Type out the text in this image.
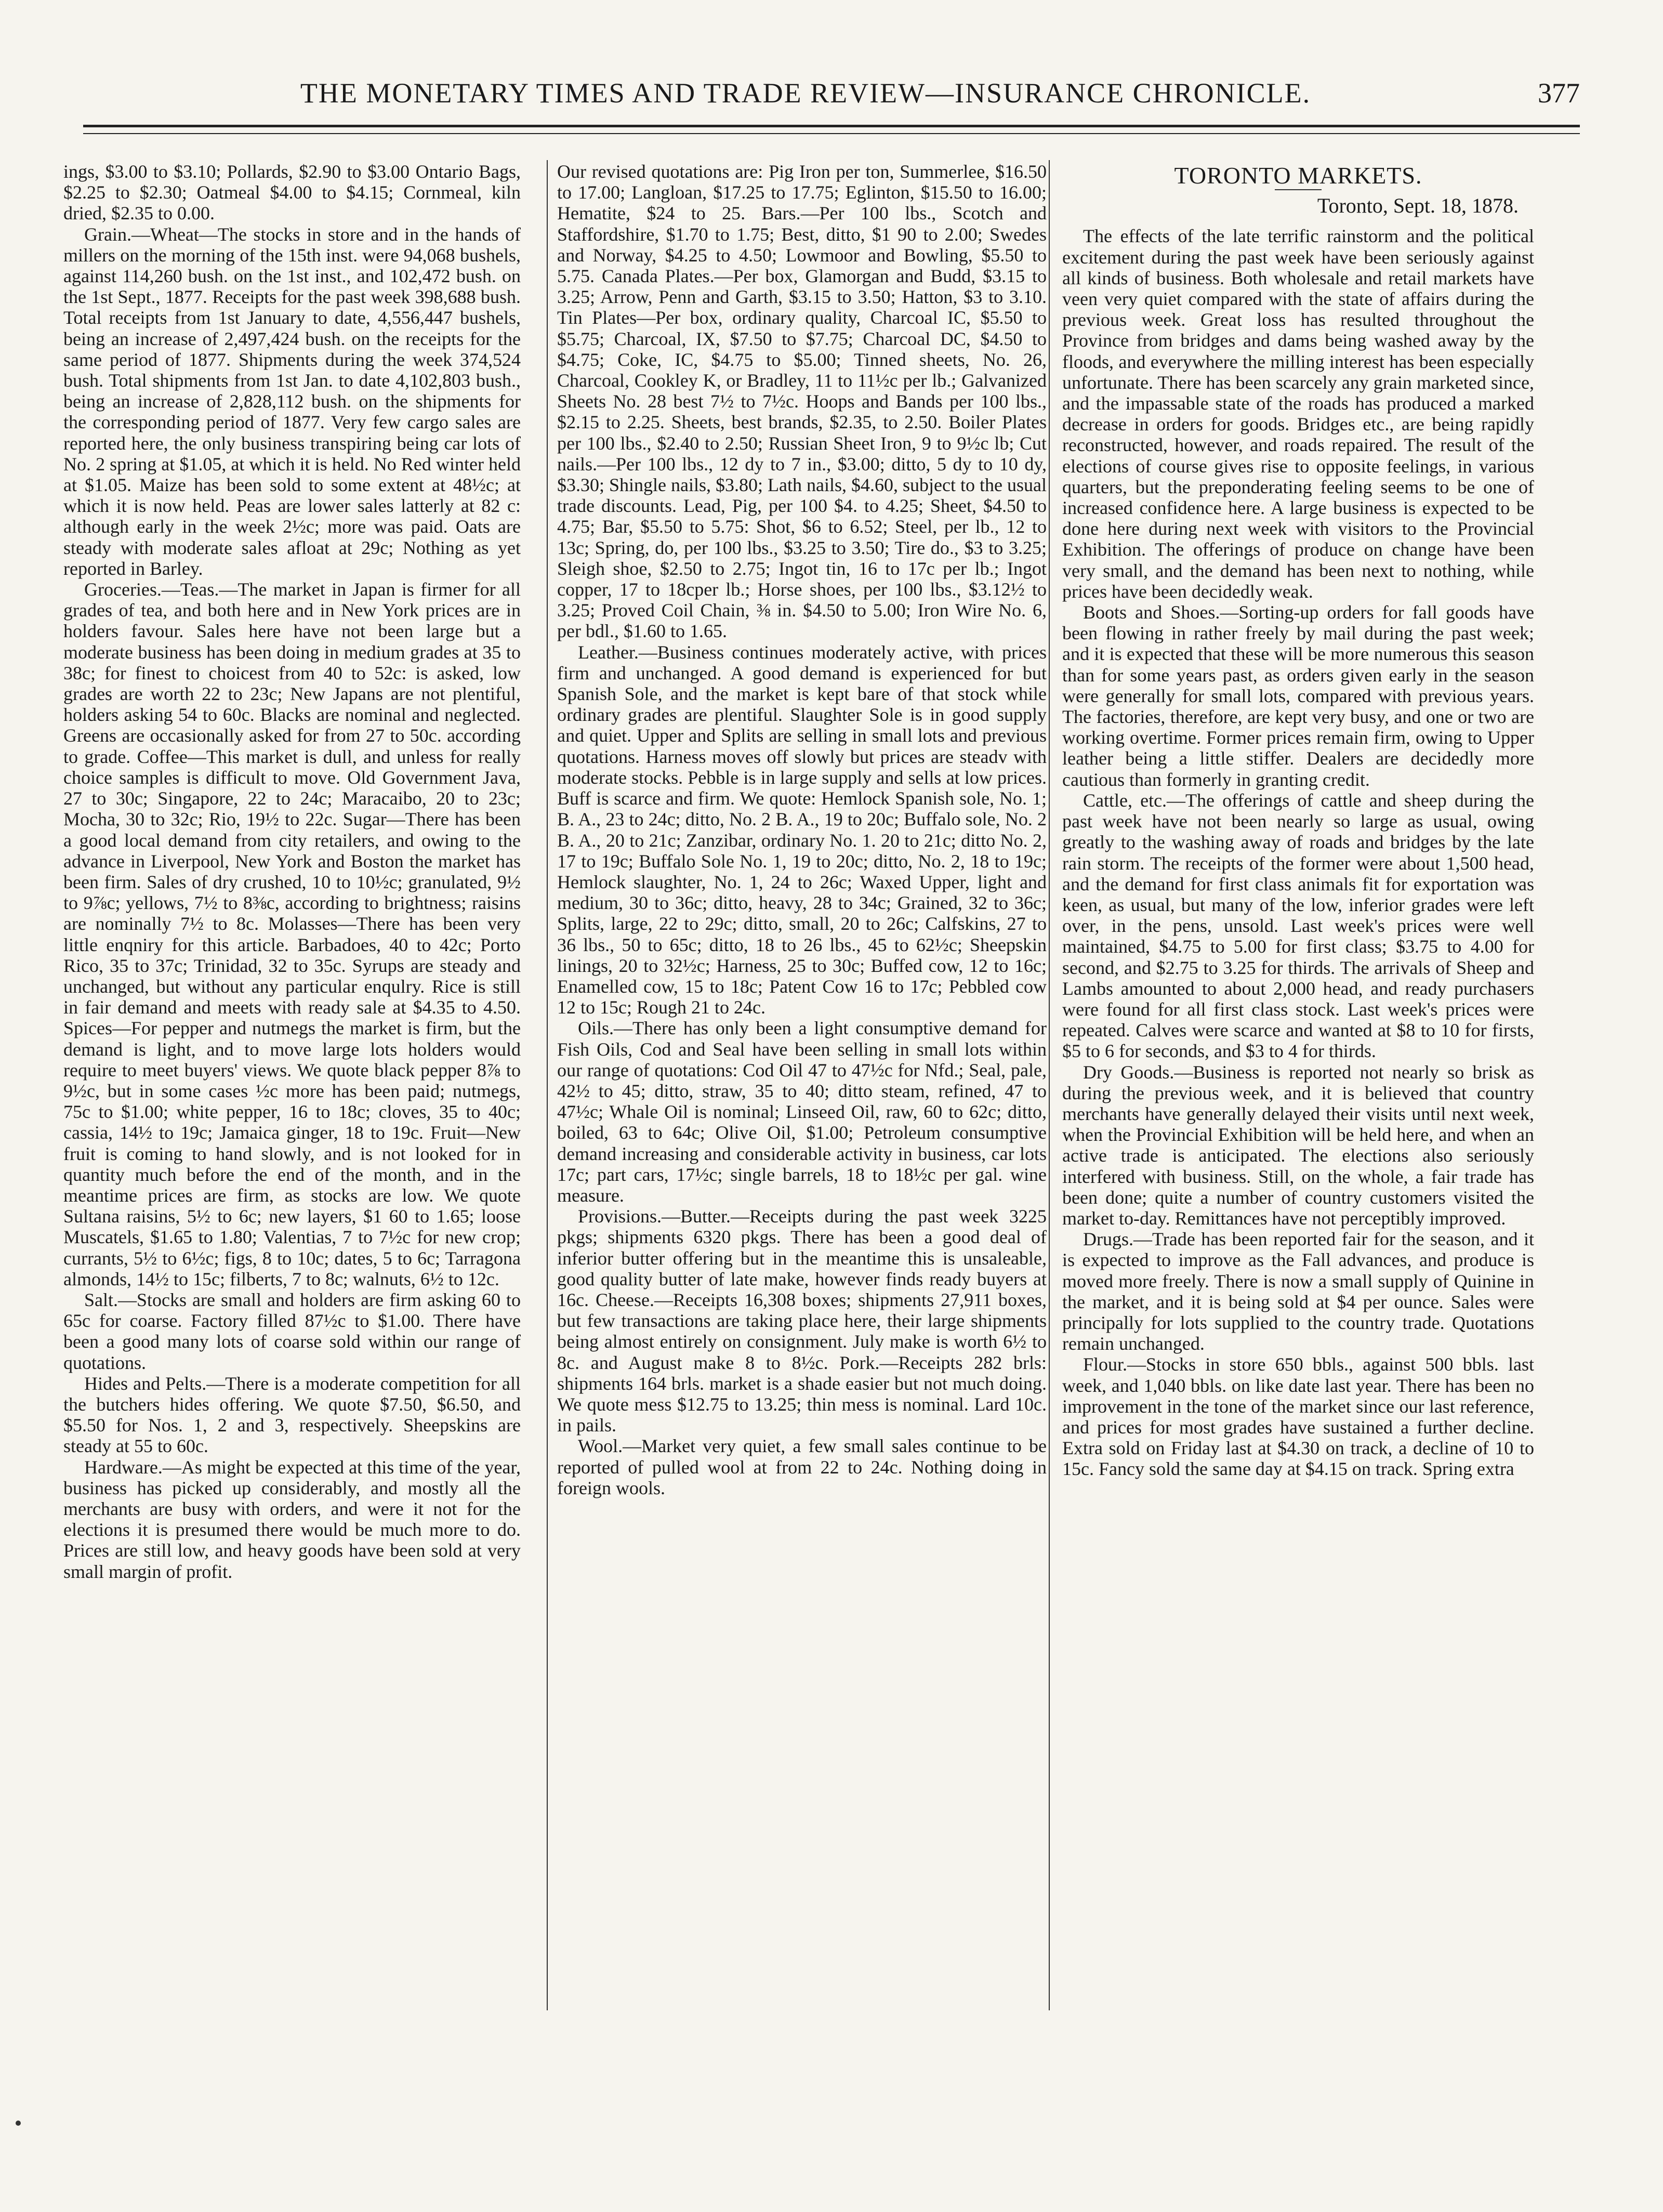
THE MONETARY TIMES AND TRADE REVIEW—INSURANCE CHRONICLE.	377

ings, $3.00 to $3.10; Pollards, $2.90 to $3.00 Ontario Bags, $2.25 to $2.30; Oatmeal $4.00 to $4.15; Cornmeal, kiln dried, $2.35 to 0.00.

Grain.—Wheat—The stocks in store and in the hands of millers on the morning of the 15th inst. were 94,068 bushels, against 114,260 bush. on the 1st inst., and 102,472 bush. on the 1st Sept., 1877. Receipts for the past week 398,688 bush. Total receipts from 1st January to date, 4,556,447 bushels, being an increase of 2,497,424 bush. on the receipts for the same period of 1877. Shipments during the week 374,524 bush. Total shipments from 1st Jan. to date 4,102,803 bush., being an increase of 2,828,112 bush. on the shipments for the corresponding period of 1877. Very few cargo sales are reported here, the only business transpiring being car lots of No. 2 spring at $1.05, at which it is held. No Red winter held at $1.05. Maize has been sold to some extent at 48½c; at which it is now held. Peas are lower sales latterly at 82 c: although early in the week 2½c; more was paid. Oats are steady with moderate sales afloat at 29c; Nothing as yet reported in Barley.

Groceries.—Teas.—The market in Japan is firmer for all grades of tea, and both here and in New York prices are in holders favour. Sales here have not been large but a moderate business has been doing in medium grades at 35 to 38c; for finest to choicest from 40 to 52c: is asked, low grades are worth 22 to 23c; New Japans are not plentiful, holders asking 54 to 60c. Blacks are nominal and neglected. Greens are occasionally asked for from 27 to 50c. according to grade. Coffee—This market is dull, and unless for really choice samples is difficult to move. Old Government Java, 27 to 30c; Singapore, 22 to 24c; Maracaibo, 20 to 23c; Mocha, 30 to 32c; Rio, 19½ to 22c. Sugar—There has been a good local demand from city retailers, and owing to the advance in Liverpool, New York and Boston the market has been firm. Sales of dry crushed, 10 to 10½c; granulated, 9½ to 9⅞c; yellows, 7½ to 8⅜c, according to brightness; raisins are nominally 7½ to 8c. Molasses—There has been very little enqniry for this article. Barbadoes, 40 to 42c; Porto Rico, 35 to 37c; Trinidad, 32 to 35c. Syrups are steady and unchanged, but without any particular enqulry. Rice is still in fair demand and meets with ready sale at $4.35 to 4.50. Spices—For pepper and nutmegs the market is firm, but the demand is light, and to move large lots holders would require to meet buyers' views. We quote black pepper 8⅞ to 9½c, but in some cases ½c more has been paid; nutmegs, 75c to $1.00; white pepper, 16 to 18c; cloves, 35 to 40c; cassia, 14½ to 19c; Jamaica ginger, 18 to 19c. Fruit—New fruit is coming to hand slowly, and is not looked for in quantity much before the end of the month, and in the meantime prices are firm, as stocks are low. We quote Sultana raisins, 5½ to 6c; new layers, $1 60 to 1.65; loose Muscatels, $1.65 to 1.80; Valentias, 7 to 7½c for new crop; currants, 5½ to 6½c; figs, 8 to 10c; dates, 5 to 6c; Tarragona almonds, 14½ to 15c; filberts, 7 to 8c; walnuts, 6½ to 12c.

Salt.—Stocks are small and holders are firm asking 60 to 65c for coarse. Factory filled 87½c to $1.00. There have been a good many lots of coarse sold within our range of quotations.

Hides and Pelts.—There is a moderate competition for all the butchers hides offering. We quote $7.50, $6.50, and $5.50 for Nos. 1, 2 and 3, respectively. Sheepskins are steady at 55 to 60c.

Hardware.—As might be expected at this time of the year, business has picked up considerably, and mostly all the merchants are busy with orders, and were it not for the elections it is presumed there would be much more to do. Prices are still low, and heavy goods have been sold at very small margin of profit.

Our revised quotations are: Pig Iron per ton, Summerlee, $16.50 to 17.00; Langloan, $17.25 to 17.75; Eglinton, $15.50 to 16.00; Hematite, $24 to 25. Bars.—Per 100 lbs., Scotch and Staffordshire, $1.70 to 1.75; Best, ditto, $1 90 to 2.00; Swedes and Norway, $4.25 to 4.50; Lowmoor and Bowling, $5.50 to 5.75. Canada Plates.—Per box, Glamorgan and Budd, $3.15 to 3.25; Arrow, Penn and Garth, $3.15 to 3.50; Hatton, $3 to 3.10. Tin Plates—Per box, ordinary quality, Charcoal IC, $5.50 to $5.75; Charcoal, IX, $7.50 to $7.75; Charcoal DC, $4.50 to $4.75; Coke, IC, $4.75 to $5.00; Tinned sheets, No. 26, Charcoal, Cookley K, or Bradley, 11 to 11½c per lb.; Galvanized Sheets No. 28 best 7½ to 7½c. Hoops and Bands per 100 lbs., $2.15 to 2.25. Sheets, best brands, $2.35, to 2.50. Boiler Plates per 100 lbs., $2.40 to 2.50; Russian Sheet Iron, 9 to 9½c lb; Cut nails.—Per 100 lbs., 12 dy to 7 in., $3.00; ditto, 5 dy to 10 dy, $3.30; Shingle nails, $3.80; Lath nails, $4.60, subject to the usual trade discounts. Lead, Pig, per 100 $4. to 4.25; Sheet, $4.50 to 4.75; Bar, $5.50 to 5.75: Shot, $6 to 6.52; Steel, per lb., 12 to 13c; Spring, do, per 100 lbs., $3.25 to 3.50; Tire do., $3 to 3.25; Sleigh shoe, $2.50 to 2.75; Ingot tin, 16 to 17c per lb.; Ingot copper, 17 to 18cper lb.; Horse shoes, per 100 lbs., $3.12½ to 3.25; Proved Coil Chain, ⅜ in. $4.50 to 5.00; Iron Wire No. 6, per bdl., $1.60 to 1.65.

Leather.—Business continues moderately active, with prices firm and unchanged. A good demand is experienced for but Spanish Sole, and the market is kept bare of that stock while ordinary grades are plentiful. Slaughter Sole is in good supply and quiet. Upper and Splits are selling in small lots and previous quotations. Harness moves off slowly but prices are steadv with moderate stocks. Pebble is in large supply and sells at low prices. Buff is scarce and firm. We quote: Hemlock Spanish sole, No. 1; B. A., 23 to 24c; ditto, No. 2 B. A., 19 to 20c; Buffalo sole, No. 2 B. A., 20 to 21c; Zanzibar, ordinary No. 1. 20 to 21c; ditto No. 2, 17 to 19c; Buffalo Sole No. 1, 19 to 20c; ditto, No. 2, 18 to 19c; Hemlock slaughter, No. 1, 24 to 26c; Waxed Upper, light and medium, 30 to 36c; ditto, heavy, 28 to 34c; Grained, 32 to 36c; Splits, large, 22 to 29c; ditto, small, 20 to 26c; Calfskins, 27 to 36 lbs., 50 to 65c; ditto, 18 to 26 lbs., 45 to 62½c; Sheepskin linings, 20 to 32½c; Harness, 25 to 30c; Buffed cow, 12 to 16c; Enamelled cow, 15 to 18c; Patent Cow 16 to 17c; Pebbled cow 12 to 15c; Rough 21 to 24c.

Oils.—There has only been a light consumptive demand for Fish Oils, Cod and Seal have been selling in small lots within our range of quotations: Cod Oil 47 to 47½c for Nfd.; Seal, pale, 42½ to 45; ditto, straw, 35 to 40; ditto steam, refined, 47 to 47½c; Whale Oil is nominal; Linseed Oil, raw, 60 to 62c; ditto, boiled, 63 to 64c; Olive Oil, $1.00; Petroleum consumptive demand increasing and considerable activity in business, car lots 17c; part cars, 17½c; single barrels, 18 to 18½c per gal. wine measure.

Provisions.—Butter.—Receipts during the past week 3225 pkgs; shipments 6320 pkgs. There has been a good deal of inferior butter offering but in the meantime this is unsaleable, good quality butter of late make, however finds ready buyers at 16c. Cheese.—Receipts 16,308 boxes; shipments 27,911 boxes, but few transactions are taking place here, their large shipments being almost entirely on consignment. July make is worth 6½ to 8c. and August make 8 to 8½c. Pork.—Receipts 282 brls: shipments 164 brls. market is a shade easier but not much doing. We quote mess $12.75 to 13.25; thin mess is nominal. Lard 10c. in pails.

Wool.—Market very quiet, a few small sales continue to be reported of pulled wool at from 22 to 24c. Nothing doing in foreign wools.

TORONTO MARKETS.
Toronto, Sept. 18, 1878.

The effects of the late terrific rainstorm and the political excitement during the past week have been seriously against all kinds of business. Both wholesale and retail markets have veen very quiet compared with the state of affairs during the previous week. Great loss has resulted throughout the Province from bridges and dams being washed away by the floods, and everywhere the milling interest has been especially unfortunate. There has been scarcely any grain marketed since, and the impassable state of the roads has produced a marked decrease in orders for goods. Bridges etc., are being rapidly reconstructed, however, and roads repaired. The result of the elections of course gives rise to opposite feelings, in various quarters, but the preponderating feeling seems to be one of increased confidence here. A large business is expected to be done here during next week with visitors to the Provincial Exhibition. The offerings of produce on change have been very small, and the demand has been next to nothing, while prices have been decidedly weak.

Boots and Shoes.—Sorting-up orders for fall goods have been flowing in rather freely by mail during the past week; and it is expected that these will be more numerous this season than for some years past, as orders given early in the season were generally for small lots, compared with previous years. The factories, therefore, are kept very busy, and one or two are working overtime. Former prices remain firm, owing to Upper leather being a little stiffer. Dealers are decidedly more cautious than formerly in granting credit.

Cattle, etc.—The offerings of cattle and sheep during the past week have not been nearly so large as usual, owing greatly to the washing away of roads and bridges by the late rain storm. The receipts of the former were about 1,500 head, and the demand for first class animals fit for exportation was keen, as usual, but many of the low, inferior grades were left over, in the pens, unsold. Last week's prices were well maintained, $4.75 to 5.00 for first class; $3.75 to 4.00 for second, and $2.75 to 3.25 for thirds. The arrivals of Sheep and Lambs amounted to about 2,000 head, and ready purchasers were found for all first class stock. Last week's prices were repeated. Calves were scarce and wanted at $8 to 10 for firsts, $5 to 6 for seconds, and $3 to 4 for thirds.

Dry Goods.—Business is reported not nearly so brisk as during the previous week, and it is believed that country merchants have generally delayed their visits until next week, when the Provincial Exhibition will be held here, and when an active trade is anticipated. The elections also seriously interfered with business. Still, on the whole, a fair trade has been done; quite a number of country customers visited the market to-day. Remittances have not perceptibly improved.

Drugs.—Trade has been reported fair for the season, and it is expected to improve as the Fall advances, and produce is moved more freely. There is now a small supply of Quinine in the market, and it is being sold at $4 per ounce. Sales were principally for lots supplied to the country trade. Quotations remain unchanged.

Flour.—Stocks in store 650 bbls., against 500 bbls. last week, and 1,040 bbls. on like date last year. There has been no improvement in the tone of the market since our last reference, and prices for most grades have sustained a further decline. Extra sold on Friday last at $4.30 on track, a decline of 10 to 15c. Fancy sold the same day at $4.15 on track. Spring extra
